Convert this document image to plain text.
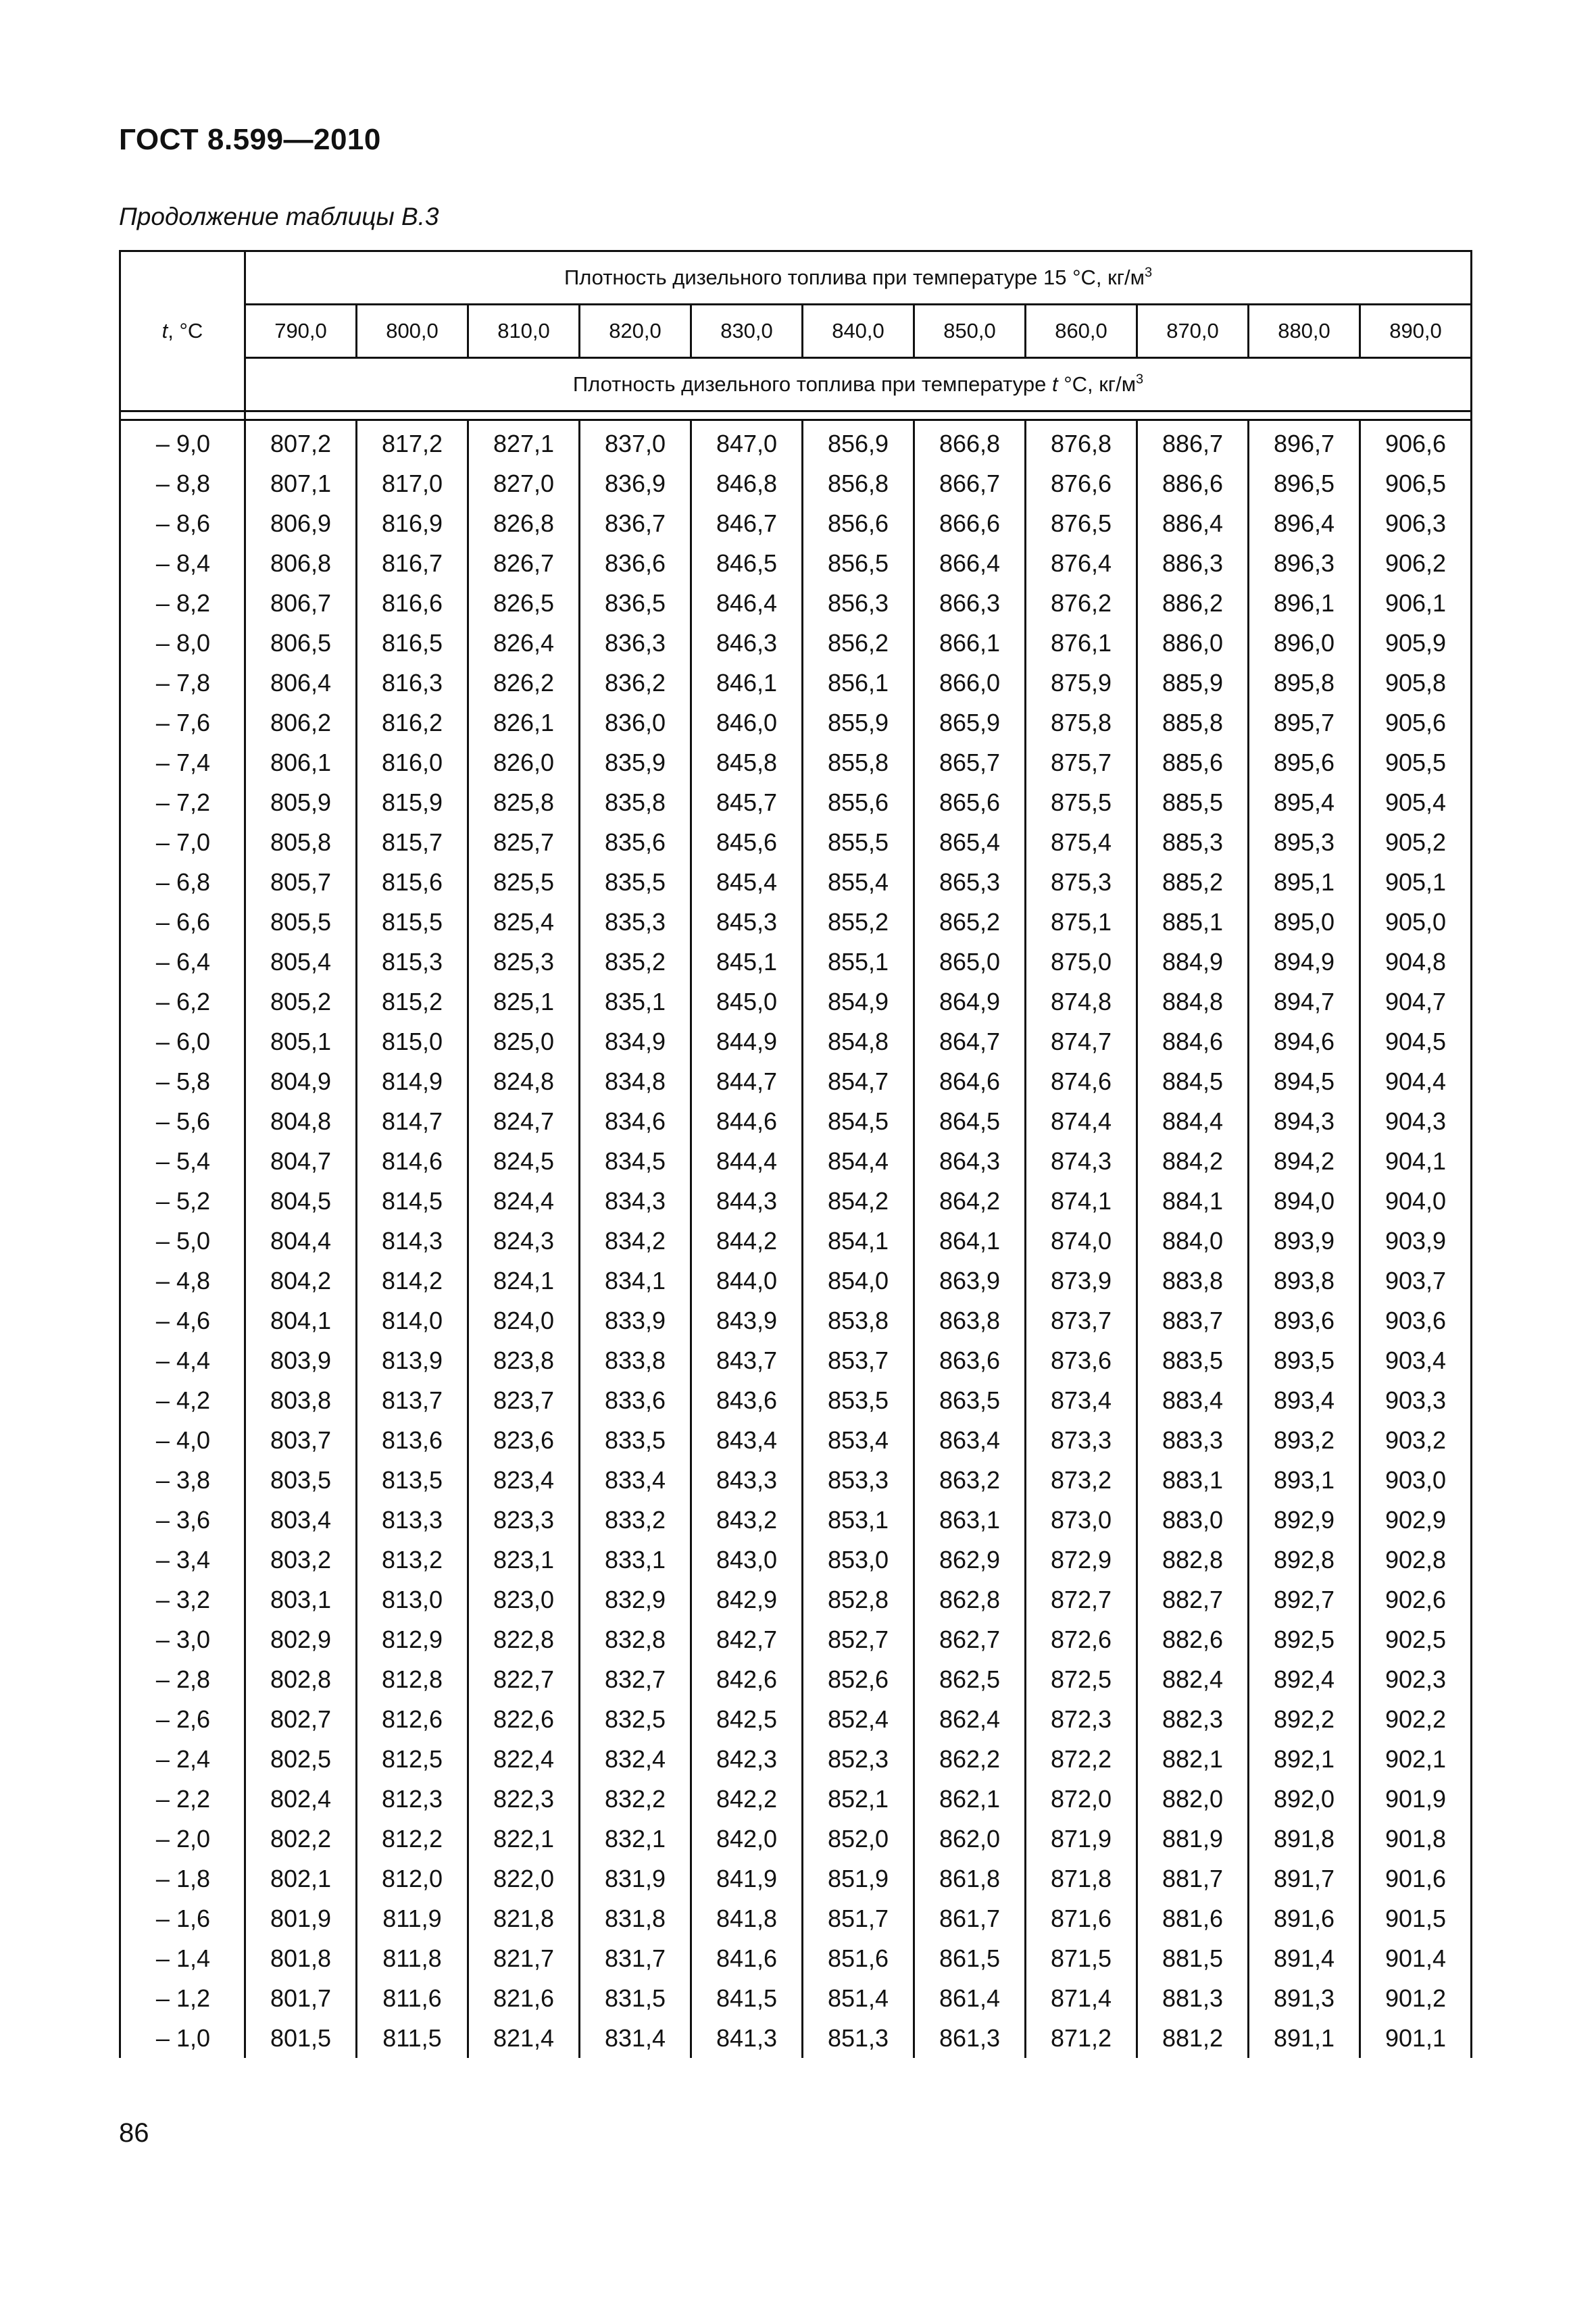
ГОСТ 8.599—2010
Продолжение таблицы В.3
t, °C	Плотность дизельного топлива при температуре 15 °C, $кг/м^3$
	790,0	800,0	810,0	820,0	830,0	840,0	850,0	860,0	870,0	880,0	890,0
	Плотность дизельного топлива при температуре t °C, $кг/м^3$

– 9,0	807,2	817,2	827,1	837,0	847,0	856,9	866,8	876,8	886,7	896,7	906,6
– 8,8	807,1	817,0	827,0	836,9	846,8	856,8	866,7	876,6	886,6	896,5	906,5
– 8,6	806,9	816,9	826,8	836,7	846,7	856,6	866,6	876,5	886,4	896,4	906,3
– 8,4	806,8	816,7	826,7	836,6	846,5	856,5	866,4	876,4	886,3	896,3	906,2
– 8,2	806,7	816,6	826,5	836,5	846,4	856,3	866,3	876,2	886,2	896,1	906,1
– 8,0	806,5	816,5	826,4	836,3	846,3	856,2	866,1	876,1	886,0	896,0	905,9
– 7,8	806,4	816,3	826,2	836,2	846,1	856,1	866,0	875,9	885,9	895,8	905,8
– 7,6	806,2	816,2	826,1	836,0	846,0	855,9	865,9	875,8	885,8	895,7	905,6
– 7,4	806,1	816,0	826,0	835,9	845,8	855,8	865,7	875,7	885,6	895,6	905,5
– 7,2	805,9	815,9	825,8	835,8	845,7	855,6	865,6	875,5	885,5	895,4	905,4
– 7,0	805,8	815,7	825,7	835,6	845,6	855,5	865,4	875,4	885,3	895,3	905,2
– 6,8	805,7	815,6	825,5	835,5	845,4	855,4	865,3	875,3	885,2	895,1	905,1
– 6,6	805,5	815,5	825,4	835,3	845,3	855,2	865,2	875,1	885,1	895,0	905,0
– 6,4	805,4	815,3	825,3	835,2	845,1	855,1	865,0	875,0	884,9	894,9	904,8
– 6,2	805,2	815,2	825,1	835,1	845,0	854,9	864,9	874,8	884,8	894,7	904,7
– 6,0	805,1	815,0	825,0	834,9	844,9	854,8	864,7	874,7	884,6	894,6	904,5
– 5,8	804,9	814,9	824,8	834,8	844,7	854,7	864,6	874,6	884,5	894,5	904,4
– 5,6	804,8	814,7	824,7	834,6	844,6	854,5	864,5	874,4	884,4	894,3	904,3
– 5,4	804,7	814,6	824,5	834,5	844,4	854,4	864,3	874,3	884,2	894,2	904,1
– 5,2	804,5	814,5	824,4	834,3	844,3	854,2	864,2	874,1	884,1	894,0	904,0
– 5,0	804,4	814,3	824,3	834,2	844,2	854,1	864,1	874,0	884,0	893,9	903,9
– 4,8	804,2	814,2	824,1	834,1	844,0	854,0	863,9	873,9	883,8	893,8	903,7
– 4,6	804,1	814,0	824,0	833,9	843,9	853,8	863,8	873,7	883,7	893,6	903,6
– 4,4	803,9	813,9	823,8	833,8	843,7	853,7	863,6	873,6	883,5	893,5	903,4
– 4,2	803,8	813,7	823,7	833,6	843,6	853,5	863,5	873,4	883,4	893,4	903,3
– 4,0	803,7	813,6	823,6	833,5	843,4	853,4	863,4	873,3	883,3	893,2	903,2
– 3,8	803,5	813,5	823,4	833,4	843,3	853,3	863,2	873,2	883,1	893,1	903,0
– 3,6	803,4	813,3	823,3	833,2	843,2	853,1	863,1	873,0	883,0	892,9	902,9
– 3,4	803,2	813,2	823,1	833,1	843,0	853,0	862,9	872,9	882,8	892,8	902,8
– 3,2	803,1	813,0	823,0	832,9	842,9	852,8	862,8	872,7	882,7	892,7	902,6
– 3,0	802,9	812,9	822,8	832,8	842,7	852,7	862,7	872,6	882,6	892,5	902,5
– 2,8	802,8	812,8	822,7	832,7	842,6	852,6	862,5	872,5	882,4	892,4	902,3
– 2,6	802,7	812,6	822,6	832,5	842,5	852,4	862,4	872,3	882,3	892,2	902,2
– 2,4	802,5	812,5	822,4	832,4	842,3	852,3	862,2	872,2	882,1	892,1	902,1
– 2,2	802,4	812,3	822,3	832,2	842,2	852,1	862,1	872,0	882,0	892,0	901,9
– 2,0	802,2	812,2	822,1	832,1	842,0	852,0	862,0	871,9	881,9	891,8	901,8
– 1,8	802,1	812,0	822,0	831,9	841,9	851,9	861,8	871,8	881,7	891,7	901,6
– 1,6	801,9	811,9	821,8	831,8	841,8	851,7	861,7	871,6	881,6	891,6	901,5
– 1,4	801,8	811,8	821,7	831,7	841,6	851,6	861,5	871,5	881,5	891,4	901,4
– 1,2	801,7	811,6	821,6	831,5	841,5	851,4	861,4	871,4	881,3	891,3	901,2
– 1,0	801,5	811,5	821,4	831,4	841,3	851,3	861,3	871,2	881,2	891,1	901,1
86
